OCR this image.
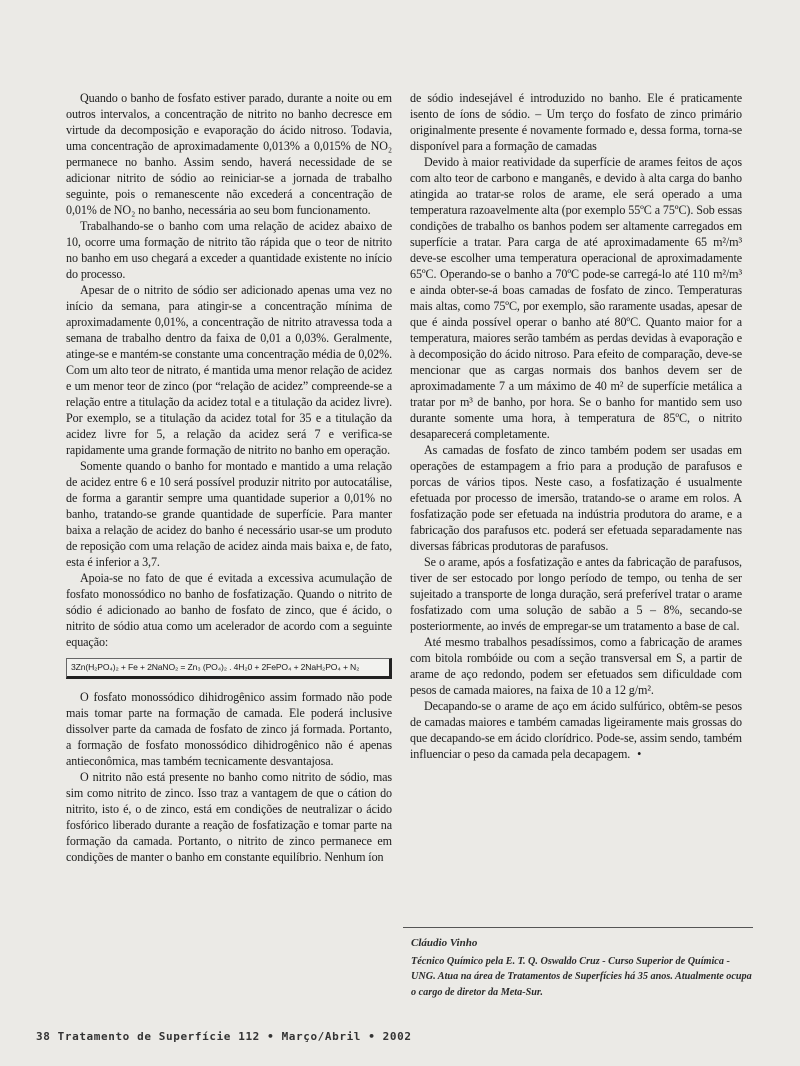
Quando o banho de fosfato estiver parado, durante a noite ou em outros intervalos, a concentração de nitrito no banho decresce em virtude da decomposição e evaporação do ácido nitroso. Todavia, uma concentração de aproximadamente 0,013% a 0,015% de NO₂ permanece no banho. Assim sendo, haverá necessidade de se adicionar nitrito de sódio ao reiniciar-se a jornada de trabalho seguinte, pois o remanescente não excederá a concentração de 0,01% de NO₂ no banho, necessária ao seu bom funcionamento.

Trabalhando-se o banho com uma relação de acidez abaixo de 10, ocorre uma formação de nitrito tão rápida que o teor de nitrito no banho em uso chegará a exceder a quantidade existente no início do processo.

Apesar de o nitrito de sódio ser adicionado apenas uma vez no início da semana, para atingir-se a concentração mínima de aproximadamente 0,01%, a concentração de nitrito atravessa toda a semana de trabalho dentro da faixa de 0,01 a 0,03%. Geralmente, atinge-se e mantém-se constante uma concentração média de 0,02%. Com um alto teor de nitrato, é mantida uma menor relação de acidez e um menor teor de zinco (por “relação de acidez” compreende-se a relação entre a titulação da acidez total e a titulação da acidez livre). Por exemplo, se a titulação da acidez total for 35 e a titulação da acidez livre for 5, a relação da acidez será 7 e verifica-se rapidamente uma grande formação de nitrito no banho em operação.

Somente quando o banho for montado e mantido a uma relação de acidez entre 6 e 10 será possível produzir nitrito por autocatálise, de forma a garantir sempre uma quantidade superior a 0,01% no banho, tratando-se grande quantidade de superfície. Para manter baixa a relação de acidez do banho é necessário usar-se um produto de reposição com uma relação de acidez ainda mais baixa e, de fato, esta é inferior a 3,7.

Apoia-se no fato de que é evitada a excessiva acumulação de fosfato monossódico no banho de fosfatização. Quando o nitrito de sódio é adicionado ao banho de fosfato de zinco, que é ácido, o nitrito de sódio atua como um acelerador de acordo com a seguinte equação:

3Zn(H₂PO₄)₂ + Fe + 2NaNO₂ = Zn₃ (PO₄)₂ . 4H₂0 + 2FePO₄ + 2NaH₂PO₄ + N₂

O fosfato monossódico dihidrogênico assim formado não pode mais tomar parte na formação de camada. Ele poderá inclusive dissolver parte da camada de fosfato de zinco já formada. Portanto, a formação de fosfato monossódico dihidrogênico não é apenas antieconômica, mas também tecnicamente desvantajosa.

O nitrito não está presente no banho como nitrito de sódio, mas sim como nitrito de zinco. Isso traz a vantagem de que o cátion do nitrito, isto é, o de zinco, está em condições de neutralizar o ácido fosfórico liberado durante a reação de fosfatização e tomar parte na formação da camada. Portanto, o nitrito de zinco permanece em condições de manter o banho em constante equilíbrio. Nenhum íon

de sódio indesejável é introduzido no banho. Ele é praticamente isento de íons de sódio. – Um terço do fosfato de zinco primário originalmente presente é novamente formado e, dessa forma, torna-se disponível para a formação de camadas

Devido à maior reatividade da superfície de arames feitos de aços com alto teor de carbono e manganês, e devido à alta carga do banho atingida ao tratar-se rolos de arame, ele será operado a uma temperatura razoavelmente alta (por exemplo 55ºC a 75ºC). Sob essas condições de trabalho os banhos podem ser altamente carregados em superfície a tratar. Para carga de até aproximadamente 65 m²/m³ deve-se escolher uma temperatura operacional de aproximadamente 65ºC. Operando-se o banho a 70ºC pode-se carregá-lo até 110 m²/m³ e ainda obter-se-á boas camadas de fosfato de zinco. Temperaturas mais altas, como 75ºC, por exemplo, são raramente usadas, apesar de que é ainda possível operar o banho até 80ºC. Quanto maior for a temperatura, maiores serão também as perdas devidas à evaporação e à decomposição do ácido nitroso. Para efeito de comparação, deve-se mencionar que as cargas normais dos banhos devem ser de aproximadamente 7 a um máximo de 40 m² de superfície metálica a tratar por m³ de banho, por hora. Se o banho for mantido sem uso durante somente uma hora, à temperatura de 85ºC, o nitrito desaparecerá completamente.

As camadas de fosfato de zinco também podem ser usadas em operações de estampagem a frio para a produção de parafusos e porcas de vários tipos. Neste caso, a fosfatização é usualmente efetuada por processo de imersão, tratando-se o arame em rolos. A fosfatização pode ser efetuada na indústria produtora do arame, e a fabricação dos parafusos etc. poderá ser efetuada separadamente nas diversas fábricas produtoras de parafusos.

Se o arame, após a fosfatização e antes da fabricação de parafusos, tiver de ser estocado por longo período de tempo, ou tenha de ser sujeitado a transporte de longa duração, será preferível tratar o arame fosfatizado com uma solução de sabão a 5 – 8%, secando-se posteriormente, ao invés de empregar-se um tratamento a base de cal.

Até mesmo trabalhos pesadíssimos, como a fabricação de arames com bitola rombóide ou com a seção transversal em S, a partir de arame de aço redondo, podem ser efetuados sem dificuldade com pesos de camada maiores, na faixa de 10 a 12 g/m².

Decapando-se o arame de aço em ácido sulfúrico, obtêm-se pesos de camadas maiores e também camadas ligeiramente mais grossas do que decapando-se em ácido clorídrico. Pode-se, assim sendo, também influenciar o peso da camada pela decapagem. •

Cláudio Vinho
Técnico Químico pela E. T. Q. Oswaldo Cruz - Curso Superior de Química - UNG. Atua na área de Tratamentos de Superfícies há 35 anos. Atualmente ocupa o cargo de diretor da Meta-Sur.
38 Tratamento de Superfície 112 • Março/Abril • 2002
